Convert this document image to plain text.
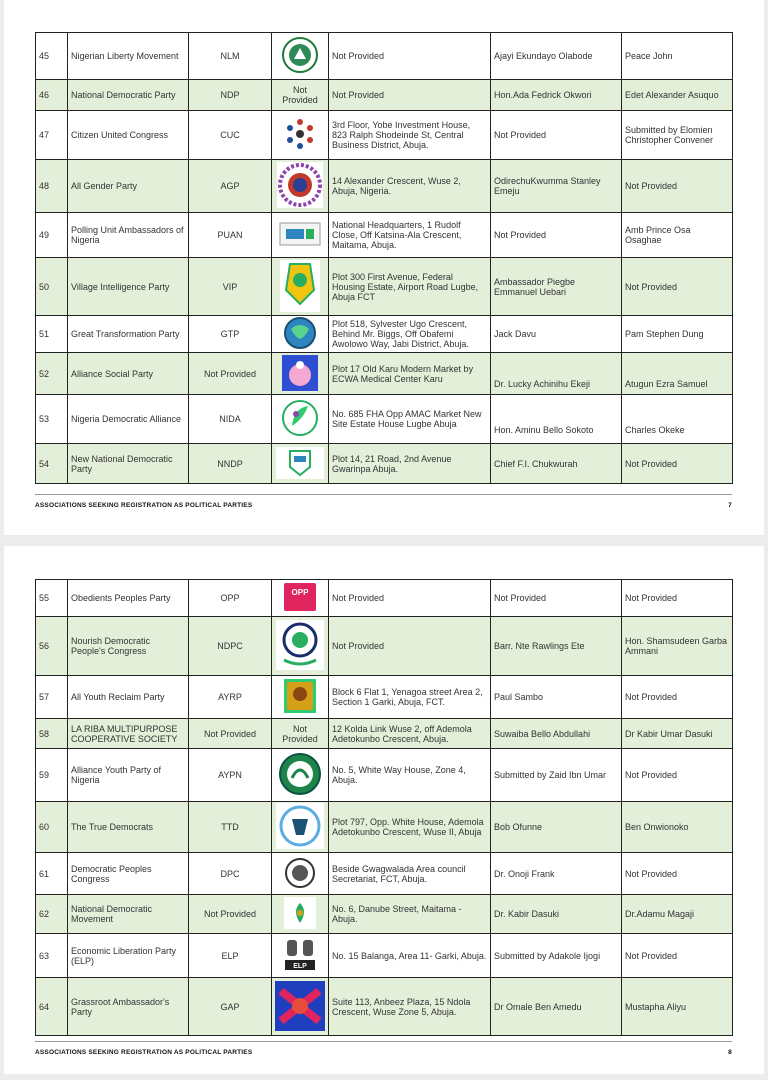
45	Nigerian Liberty Movement	NLM		Not Provided	Ajayi Ekundayo Olabode	Peace John
46	National Democratic Party	NDP	Not Provided	Not Provided	Hon.Ada Fedrick Okwori	Edet Alexander Asuquo
47	Citizen United Congress	CUC		3rd Floor, Yobe Investment House, 823 Ralph Shodeinde St, Central Business District, Abuja.	Not Provided	Submitted by Elomien Christopher Convener
48	All Gender Party	AGP		14 Alexander Crescent, Wuse 2, Abuja, Nigeria.	OdirechuKwumma Stanley Emeju	Not Provided
49	Polling Unit Ambassadors of Nigeria	PUAN		National Headquarters, 1 Rudolf Close, Off Katsina-Ala Crescent, Maitama, Abuja.	Not Provided	Amb Prince Osa Osaghae
50	Village Intelligence Party	VIP		Plot 300 First Avenue, Federal Housing Estate, Airport Road Lugbe, Abuja FCT	Ambassador Piegbe Emmanuel Uebari	Not Provided
51	Great Transformation Party	GTP		Plot 518, Sylvester Ugo Crescent, Behind Mr. Biggs, Off Obafemi Awolowo Way, Jabi District, Abuja.	Jack Davu	Pam Stephen Dung
52	Alliance Social Party	Not Provided		Plot 17 Old Karu Modern Market by ECWA Medical Center Karu	Dr. Lucky Achinihu Ekeji	Atugun Ezra Samuel
53	Nigeria Democratic Alliance	NIDA		No. 685 FHA Opp AMAC Market New Site Estate House Lugbe Abuja	Hon. Aminu Bello Sokoto	Charles Okeke
54	New National Democratic Party	NNDP		Plot 14, 21 Road, 2nd Avenue Gwarinpa Abuja.	Chief F.I. Chukwurah	Not Provided
ASSOCIATIONS SEEKING REGISTRATION AS POLITICAL PARTIES	7
55	Obedients Peoples Party	OPP	OPP	Not Provided	Not Provided	Not Provided
56	Nourish Democratic People's Congress	NDPC		Not Provided	Barr. Nte Rawlings Ete	Hon. Shamsudeen Garba Ammani
57	All Youth Reclaim Party	AYRP		Block 6 Flat 1, Yenagoa street Area 2, Section 1 Garki, Abuja, FCT.	Paul Sambo	Not Provided
58	LA RIBA MULTIPURPOSE COOPERATIVE SOCIETY	Not Provided	Not Provided	12 Kolda Link Wuse 2, off Ademola Adetokunbo Crescent, Abuja.	Suwaiba Bello Abdullahi	Dr Kabir Umar Dasuki
59	Alliance Youth Party of Nigeria	AYPN		No. 5, White Way House, Zone 4, Abuja.	Submitted by Zaid Ibn Umar	Not Provided
60	The True Democrats	TTD		Plot 797, Opp. White House, Ademola Adetokunbo Crescent, Wuse II, Abuja	Bob Ofunne	Ben Onwionoko
61	Democratic Peoples Congress	DPC		Beside Gwagwalada Area council Secretariat, FCT, Abuja.	Dr. Onoji Frank	Not Provided
62	National Democratic Movement	Not Provided		No. 6, Danube Street, Maitama - Abuja.	Dr. Kabir Dasuki	Dr.Adamu Magaji
63	Economic Liberation Party (ELP)	ELP	ELP	No. 15 Balanga, Area 11- Garki, Abuja.	Submitted by Adakole Ijogi	Not Provided
64	Grassroot Ambassador's Party	GAP		Suite 113, Anbeez Plaza, 15 Ndola Crescent, Wuse Zone 5, Abuja.	Dr Omale Ben Amedu	Mustapha Aliyu
ASSOCIATIONS SEEKING REGISTRATION AS POLITICAL PARTIES	8
